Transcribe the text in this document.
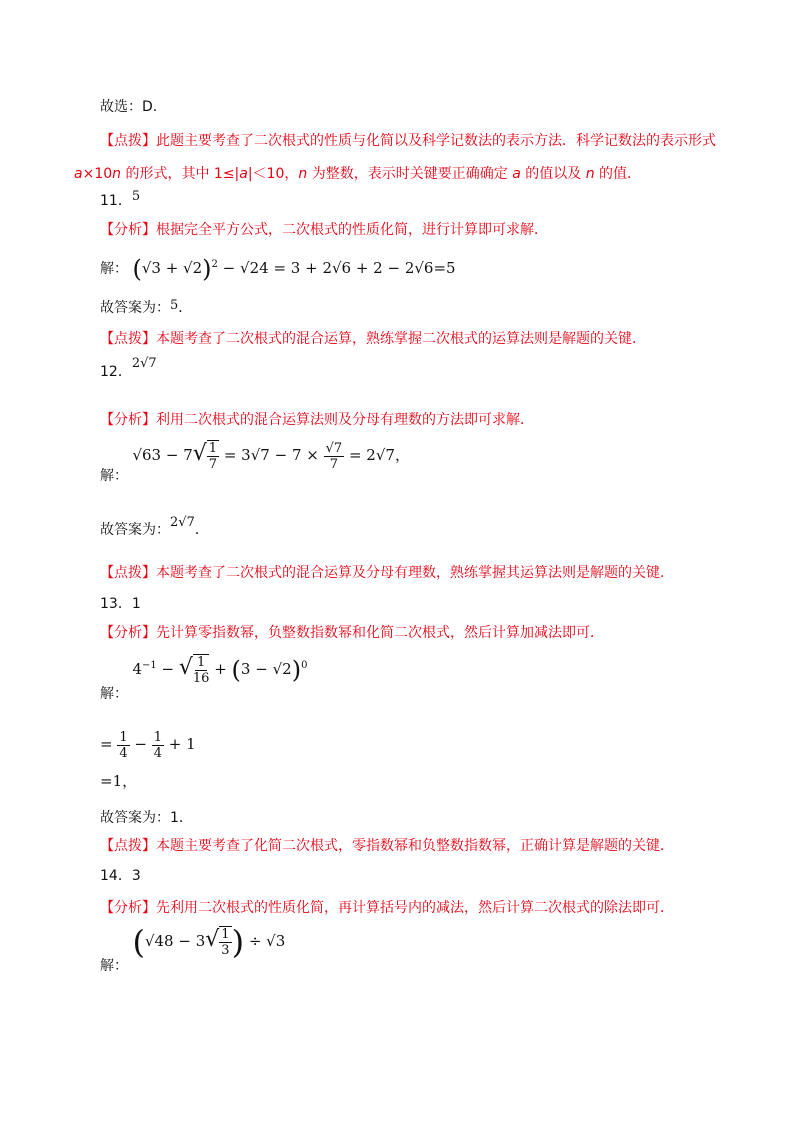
故选：D.
【点拨】此题主要考查了二次根式的性质与化简以及科学记数法的表示方法．科学记数法的表示形式
a×10n 的形式，其中 1≤|a|＜10，n 为整数，表示时关键要正确确定 a 的值以及 n 的值．
11．5
【分析】根据完全平方公式，二次根式的性质化简，进行计算即可求解．
解： $(√3 + √2)^2 - √24 = 3 + 2√6 + 2 - 2√6=5$
故答案为：5．
【点拨】本题考查了二次根式的混合运算，熟练掌握二次根式的运算法则是解题的关键．
12．2√7
【分析】利用二次根式的混合运算法则及分母有理数的方法即可求解．
解： $√63 - 7√ \frac{1}{7} = 3√7 - 7 \times \frac{√7}{7} = 2√7$，
故答案为：2√7．
【点拨】本题考查了二次根式的混合运算及分母有理数，熟练掌握其运算法则是解题的关键．
13．1
【分析】先计算零指数幂，负整数指数幂和化简二次根式，然后计算加减法即可．
解： $4^{-1}$ − √ $\frac{1}{16} + (3 - √2)^0$
= $\frac{1}{4} - \frac{1}{4} + 1$
=1，
故答案为：1．
【点拨】本题主要考查了化简二次根式，零指数幂和负整数指数幂，正确计算是解题的关键．
14．3
【分析】先利用二次根式的性质化简，再计算括号内的减法，然后计算二次根式的除法即可．
解： ($√48 - 3√ \frac{1}{3}$ ) ÷ √3
